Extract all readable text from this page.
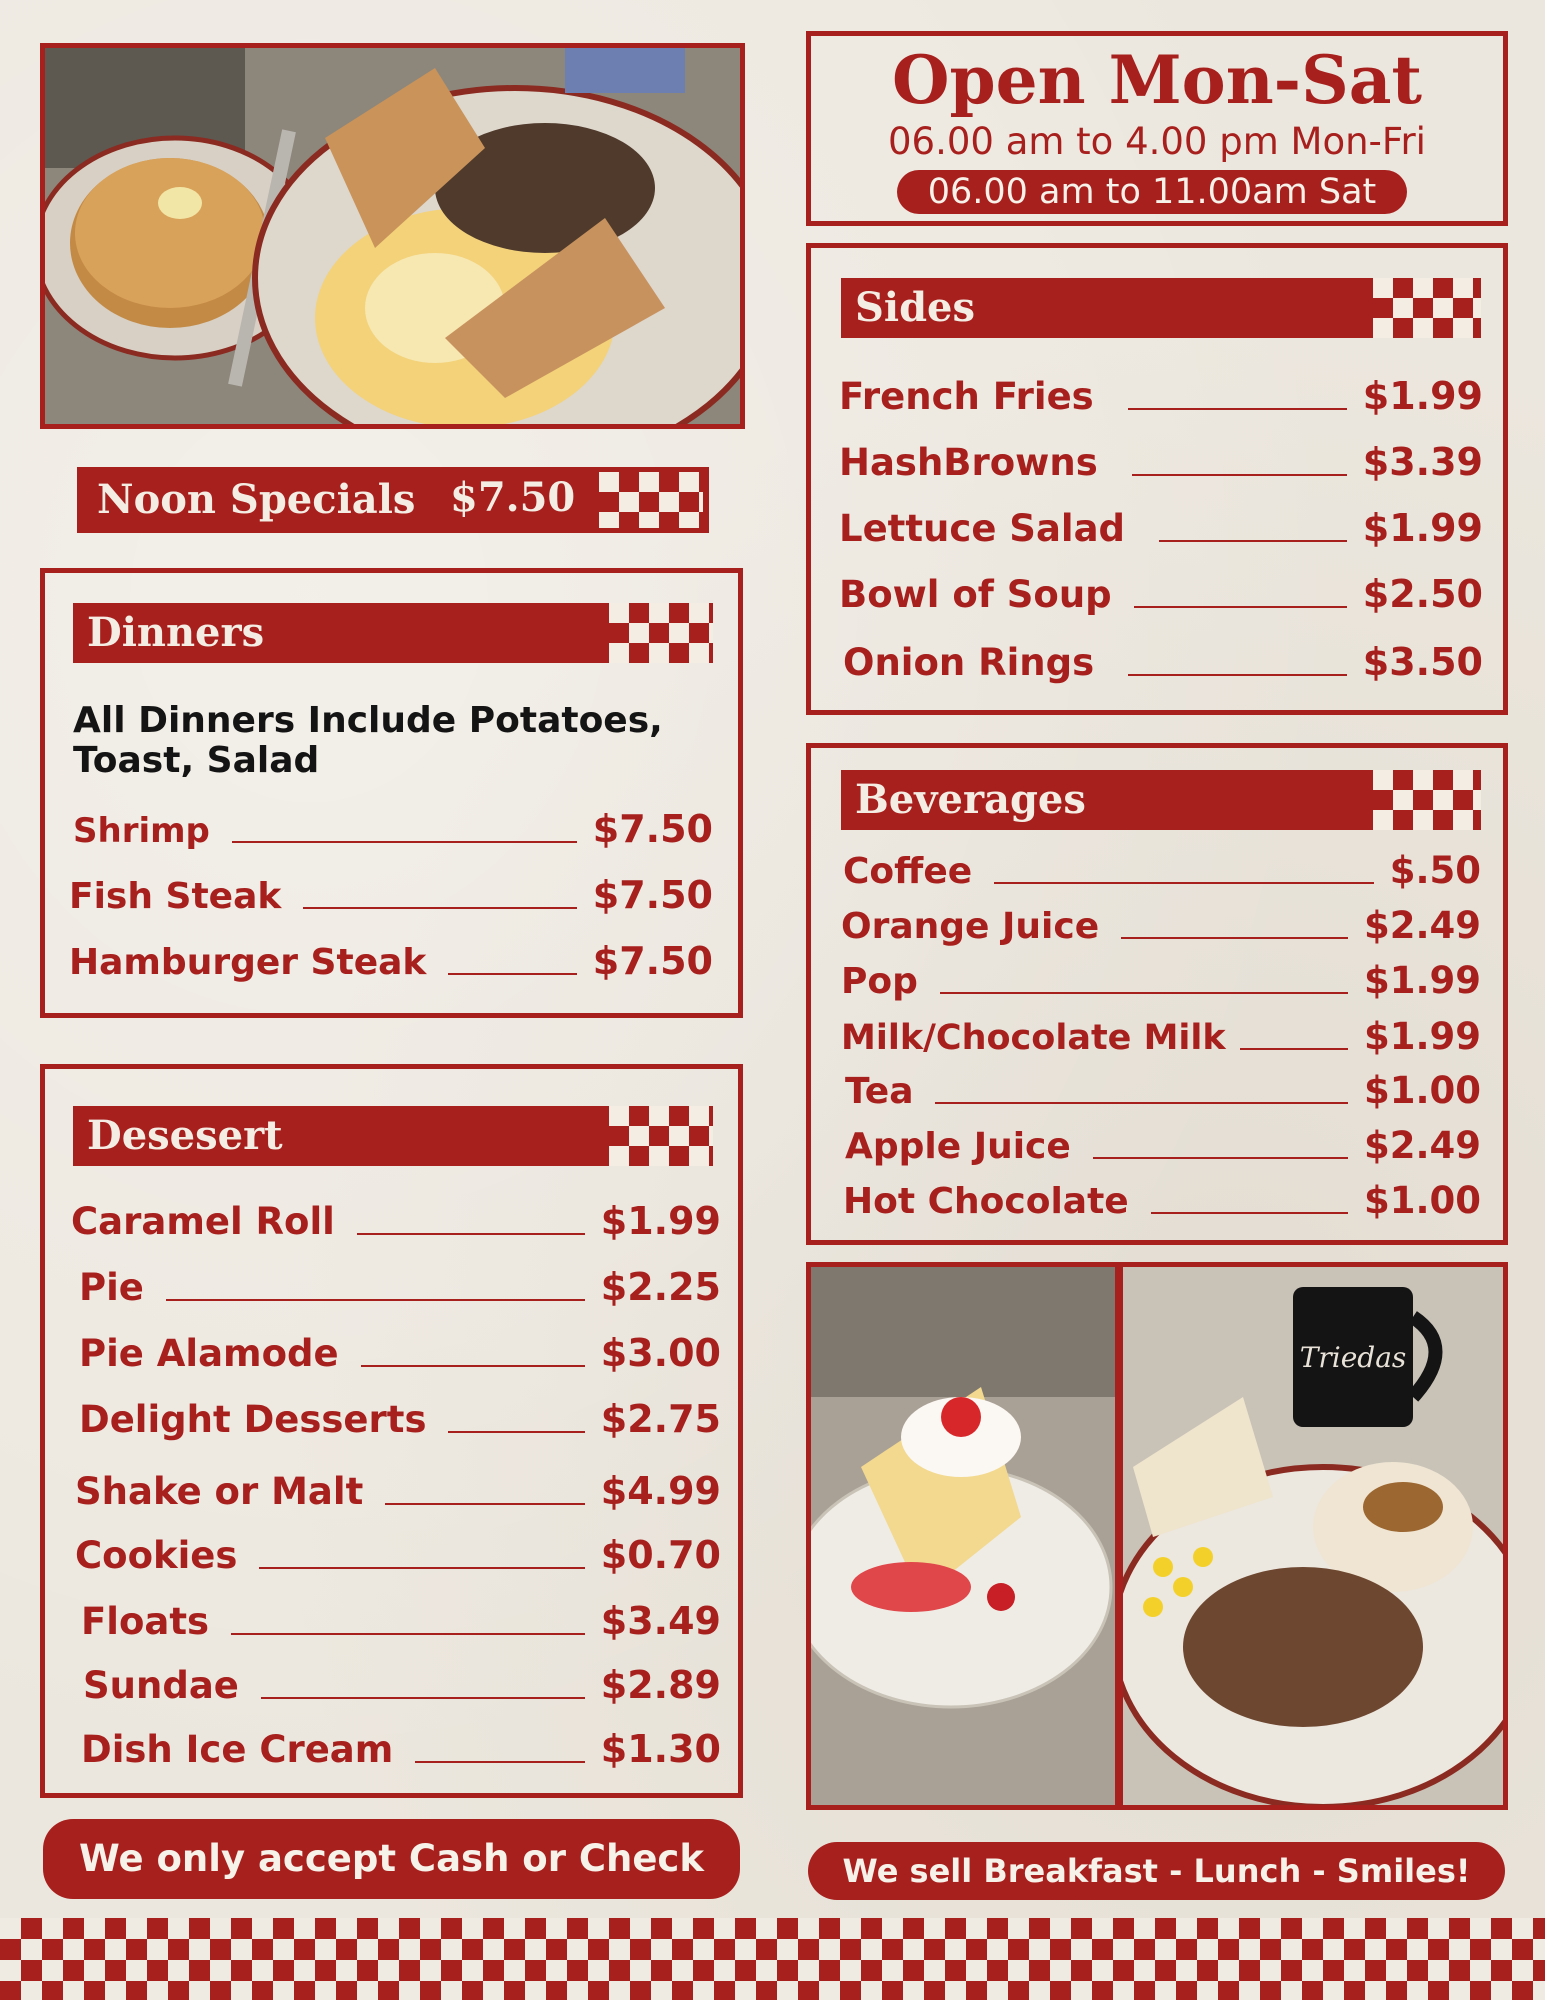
Noon Specials $7.50
Dinners
All Dinners Include Potatoes, Toast, Salad
Shrimp	$7.50
Fish Steak	$7.50
Hamburger Steak	$7.50
Desesert
Caramel Roll	$1.99
Pie	$2.25
Pie Alamode	$3.00
Delight Desserts	$2.75
Shake or Malt	$4.99
Cookies	$0.70
Floats	$3.49
Sundae	$2.89
Dish Ice Cream	$1.30
We only accept Cash or Check
Open Mon-Sat
06.00 am to 4.00 pm Mon-Fri
06.00 am to 11.00am Sat
Sides
French Fries	$1.99
HashBrowns	$3.39
Lettuce Salad	$1.99
Bowl of Soup	$2.50
Onion Rings	$3.50
Beverages
Coffee	$.50
Orange Juice	$2.49
Pop	$1.99
Milk/Chocolate Milk	$1.99
Tea	$1.00
Apple Juice	$2.49
Hot Chocolate	$1.00
Triedas
We sell Breakfast - Lunch - Smiles!
